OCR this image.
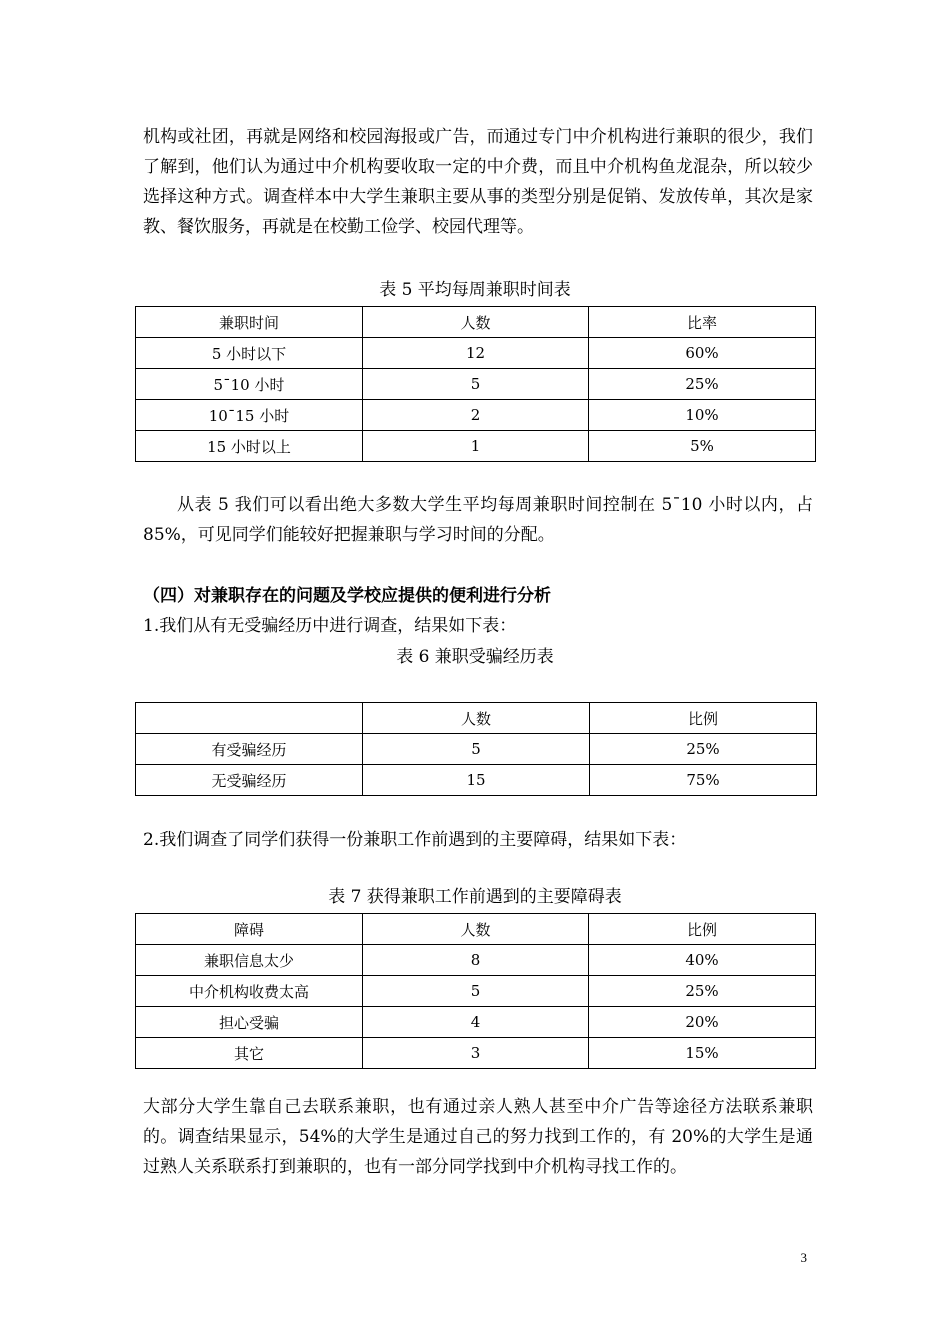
机构或社团，再就是网络和校园海报或广告，而通过专门中介机构进行兼职的很少，我们了解到，他们认为通过中介机构要收取一定的中介费，而且中介机构鱼龙混杂，所以较少选择这种方式。调查样本中大学生兼职主要从事的类型分别是促销、发放传单，其次是家教、餐饮服务，再就是在校勤工俭学、校园代理等。

表 5 平均每周兼职时间表

兼职时间	人数	比率
5 小时以下	12	60%
5¯10 小时	5	25%
10¯15 小时	2	10%
15 小时以上	1	5%

从表 5 我们可以看出绝大多数大学生平均每周兼职时间控制在 5¯10 小时以内，占 85%，可见同学们能较好把握兼职与学习时间的分配。

（四）对兼职存在的问题及学校应提供的便利进行分析

1.我们从有无受骗经历中进行调查，结果如下表：

表 6 兼职受骗经历表

	人数	比例
有受骗经历	5	25%
无受骗经历	15	75%

2.我们调查了同学们获得一份兼职工作前遇到的主要障碍，结果如下表：

表 7 获得兼职工作前遇到的主要障碍表

障碍	人数	比例
兼职信息太少	8	40%
中介机构收费太高	5	25%
担心受骗	4	20%
其它	3	15%

大部分大学生靠自己去联系兼职，也有通过亲人熟人甚至中介广告等途径方法联系兼职的。调查结果显示，54%的大学生是通过自己的努力找到工作的，有 20%的大学生是通过熟人关系联系打到兼职的，也有一部分同学找到中介机构寻找工作的。

3
